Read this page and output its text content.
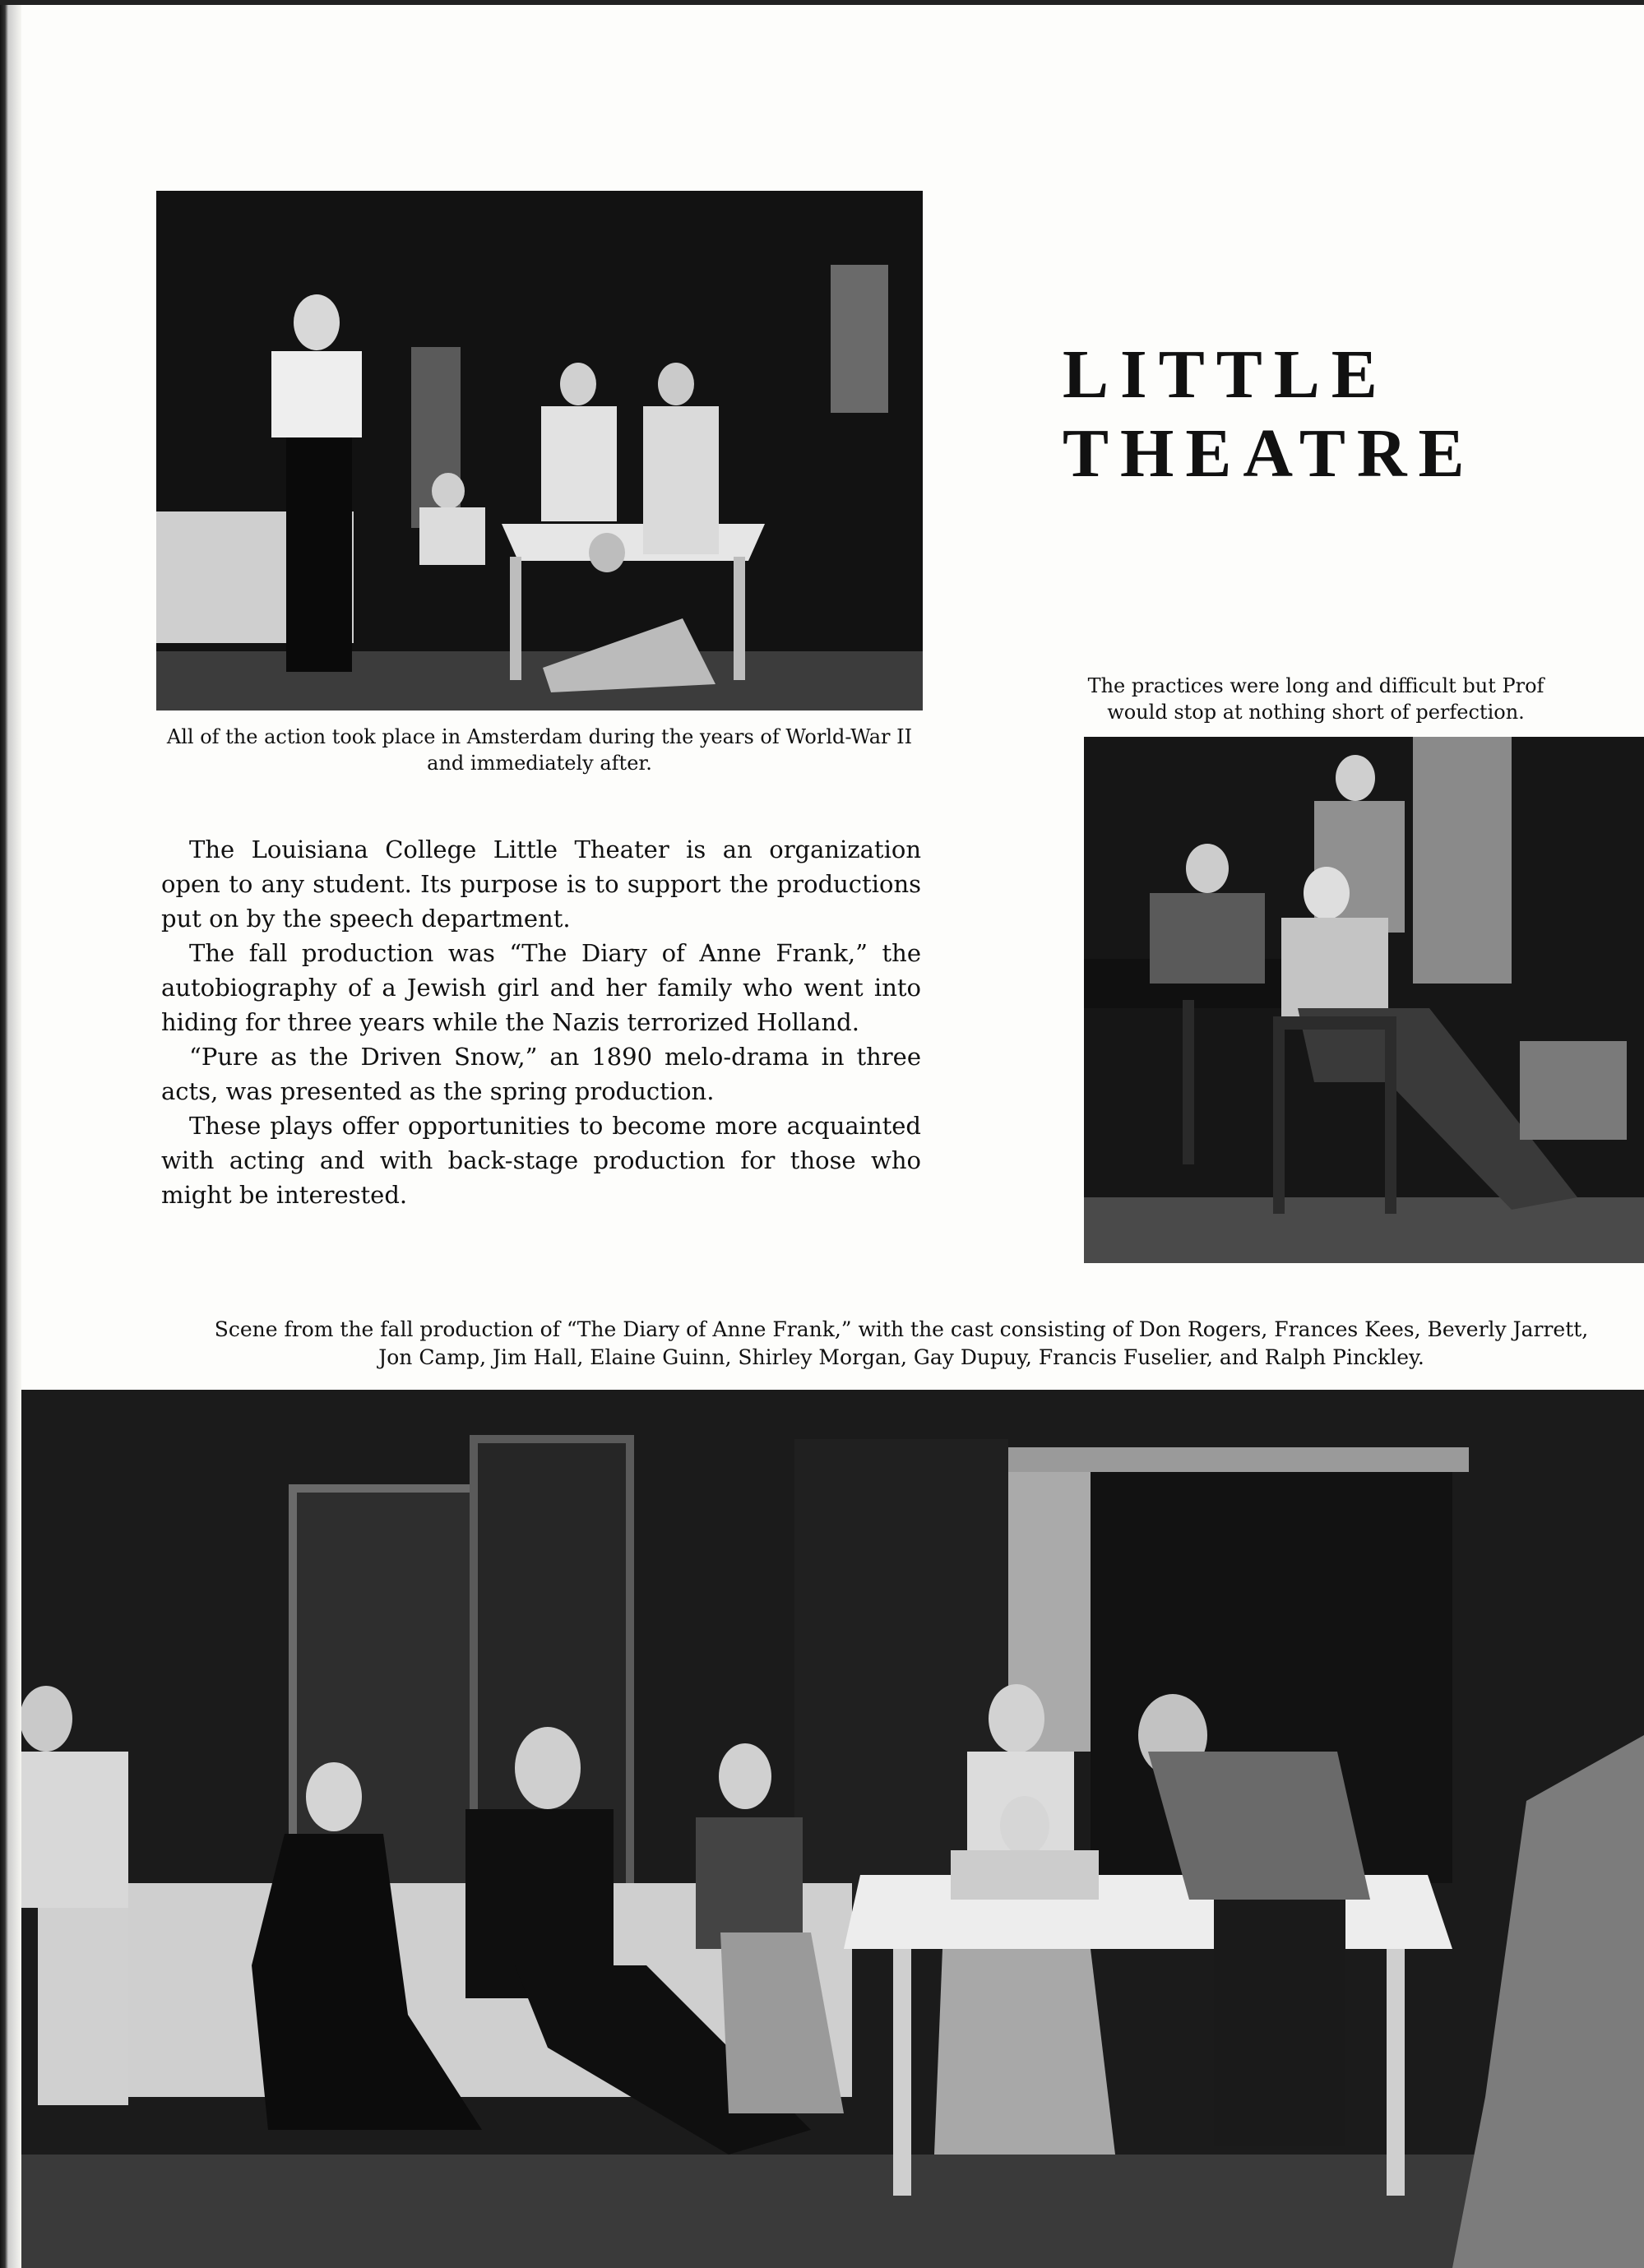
All of the action took place in Amsterdam during the years of World-War II
and immediately after.
LITTLE
THEATRE
The practices were long and difficult but Prof
would stop at nothing short of perfection.

The Louisiana College Little Theater is an organization open to any student. Its purpose is to support the productions put on by the speech department.

The fall production was “The Diary of Anne Frank,” the autobiography of a Jewish girl and her family who went into hiding for three years while the Nazis terrorized Holland.

“Pure as the Driven Snow,” an 1890 melo-drama in three acts, was presented as the spring production.

These plays offer opportunities to become more acquainted with acting and with back-stage production for those who might be interested.

Scene from the fall production of “The Diary of Anne Frank,” with the cast consisting of Don Rogers, Frances Kees, Beverly Jarrett,
Jon Camp, Jim Hall, Elaine Guinn, Shirley Morgan, Gay Dupuy, Francis Fuselier, and Ralph Pinckley.
